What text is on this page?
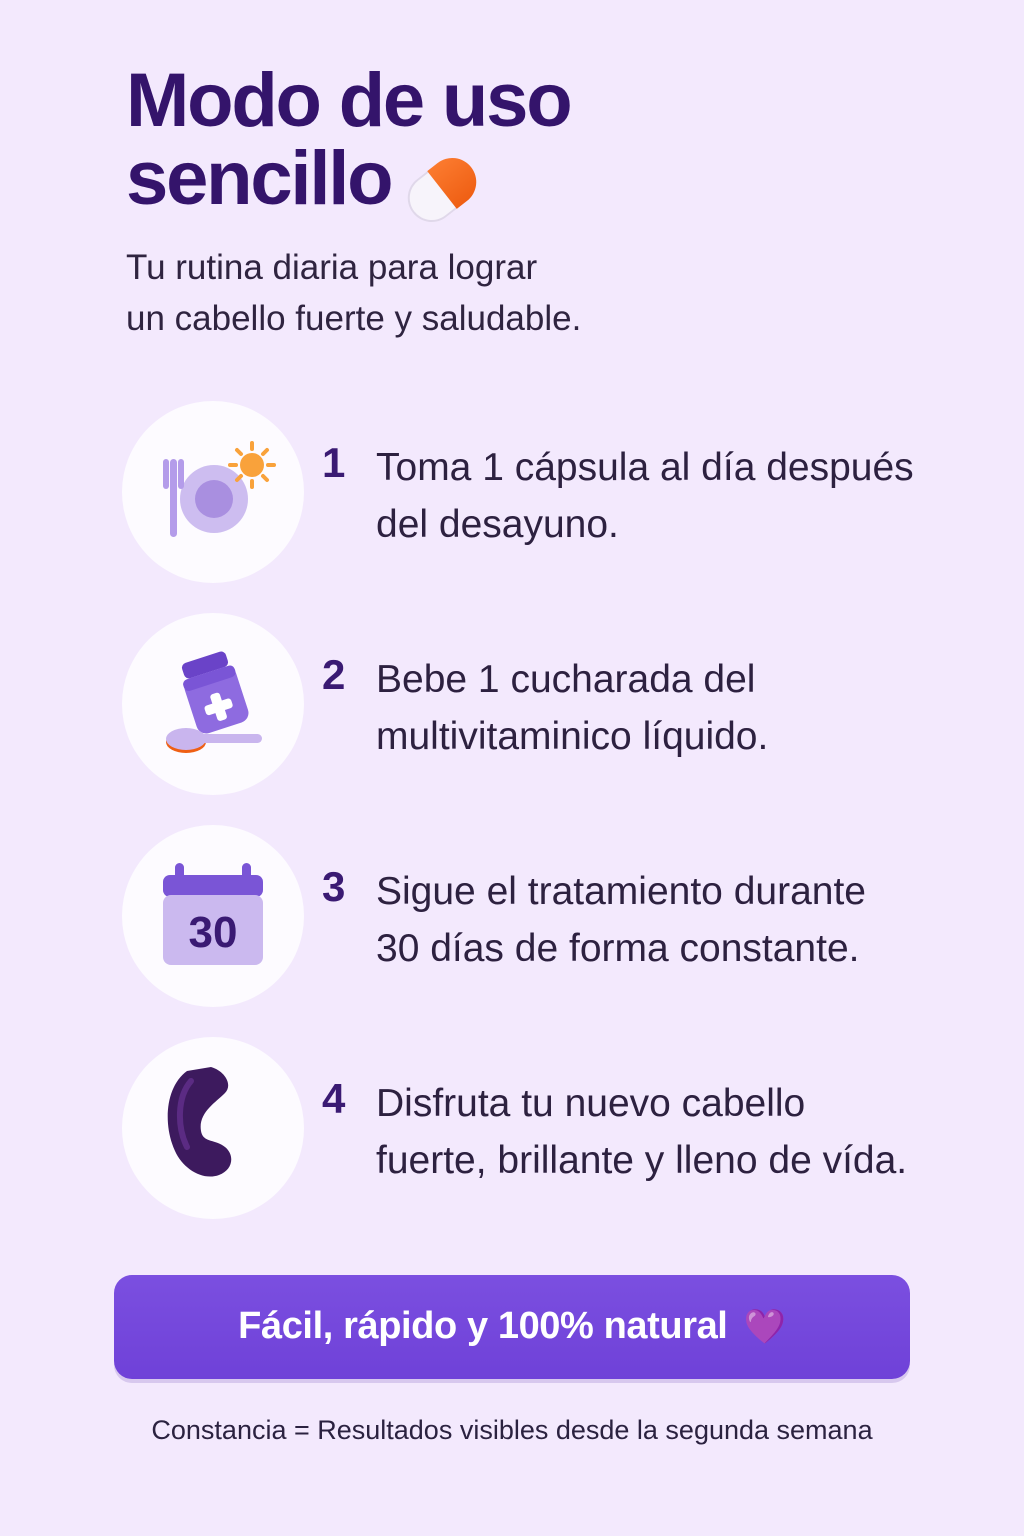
Modo de uso
sencillo

Tu rutina diaria para lograr
un cabello fuerte y saludable.

1 Toma 1 cápsula al día después del desayuno.
2 Bebe 1 cucharada del multivitaminico líquido.
30
3 Sigue el tratamiento durante 30 días de forma constante.
4 Disfruta tu nuevo cabello fuerte, brillante y lleno de vída.
Fácil, rápido y 100% natural 💜
Constancia = Resultados visibles desde la segunda semana
